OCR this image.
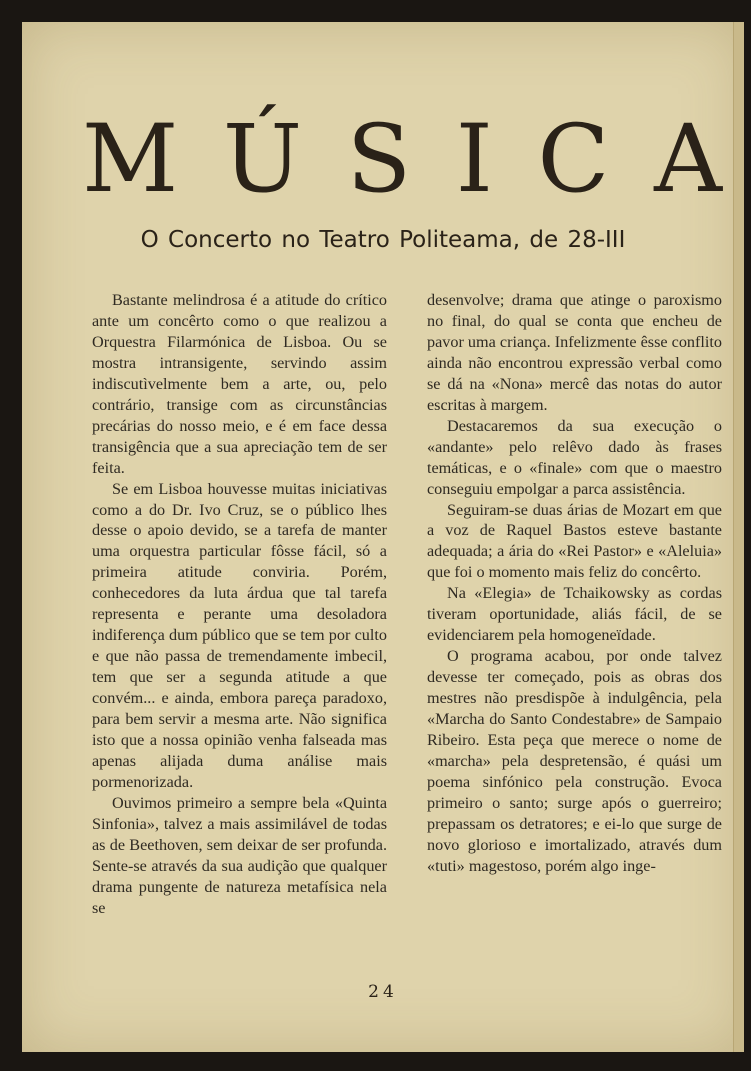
M Ú S I C A
O Concerto no Teatro Politeama, de 28-III

Bastante melindrosa é a atitude do crítico ante um concêrto como o que realizou a Orquestra Filarmónica de Lisboa. Ou se mostra intransigente, servindo assim indiscutìvelmente bem a arte, ou, pelo contrário, transige com as circunstâncias precárias do nosso meio, e é em face dessa transigência que a sua apreciação tem de ser feita.

Se em Lisboa houvesse muitas iniciativas como a do Dr. Ivo Cruz, se o público lhes desse o apoio devido, se a tarefa de manter uma orquestra particular fôsse fácil, só a primeira atitude conviria. Porém, conhecedores da luta árdua que tal tarefa representa e perante uma desoladora indiferença dum público que se tem por culto e que não passa de tremendamente imbecil, tem que ser a segunda atitude a que convém... e ainda, embora pareça paradoxo, para bem servir a mesma arte. Não significa isto que a nossa opinião venha falseada mas apenas alijada duma análise mais pormenorizada.

Ouvimos primeiro a sempre bela «Quinta Sinfonia», talvez a mais assimilável de todas as de Beethoven, sem deixar de ser profunda. Sente-se através da sua audição que qualquer drama pungente de natureza metafísica nela se

desenvolve; drama que atinge o paroxismo no final, do qual se conta que encheu de pavor uma criança. Infelizmente êsse conflito ainda não encontrou expressão verbal como se dá na «Nona» mercê das notas do autor escritas à margem.

Destacaremos da sua execução o «andante» pelo relêvo dado às frases temáticas, e o «finale» com que o maestro conseguiu empolgar a parca assistência.

Seguiram-se duas árias de Mozart em que a voz de Raquel Bastos esteve bastante adequada; a ária do «Rei Pastor» e «Aleluia» que foi o momento mais feliz do concêrto.

Na «Elegia» de Tchaikowsky as cordas tiveram oportunidade, aliás fácil, de se evidenciarem pela homogeneïdade.

O programa acabou, por onde talvez devesse ter começado, pois as obras dos mestres não presdispõe à indulgência, pela «Marcha do Santo Condestabre» de Sampaio Ribeiro. Esta peça que merece o nome de «marcha» pela despretensão, é quási um poema sinfónico pela construção. Evoca primeiro o santo; surge após o guerreiro; prepassam os detratores; e ei-lo que surge de novo glorioso e imortalizado, através dum «tuti» magestoso, porém algo inge-

24
